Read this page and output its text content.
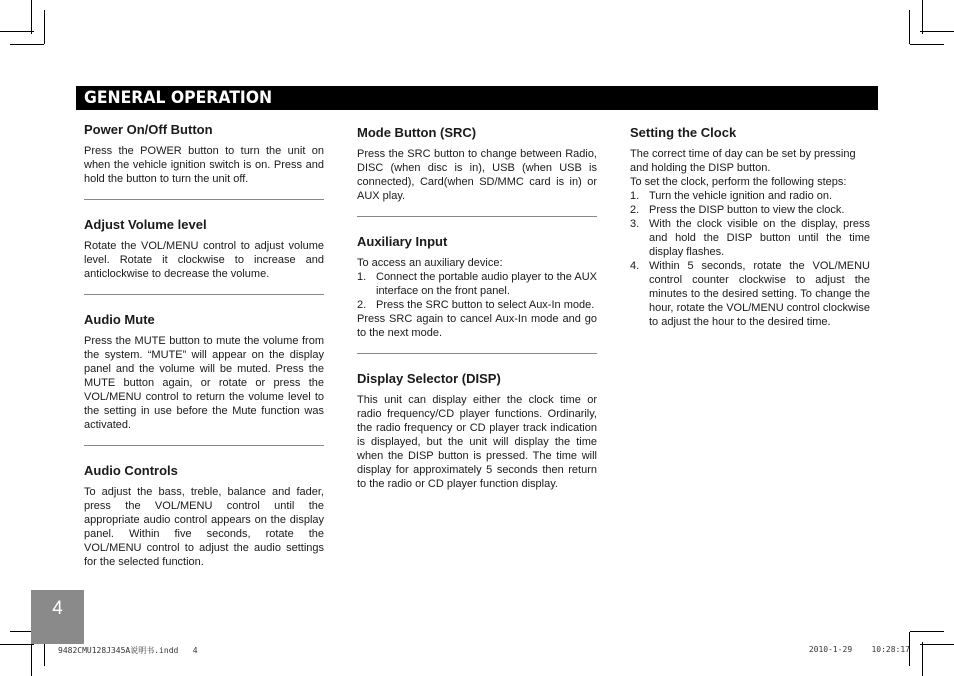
GENERAL OPERATION
Power On/Off Button

Press the POWER button to turn the unit on when the vehicle ignition switch is on. Press and hold the button to turn the unit off.

Adjust Volume level

Rotate the VOL/MENU control to adjust volume level. Rotate it clockwise to increase and anticlockwise to decrease the volume.

Audio Mute

Press the MUTE button to mute the volume from the system. “MUTE” will appear on the display panel and the volume will be muted. Press the MUTE button again, or rotate or press the VOL/MENU control to return the volume level to the setting in use before the Mute function was activated.

Audio Controls

To adjust the bass, treble, balance and fader, press the VOL/MENU control until the appropriate audio control appears on the display panel. Within five seconds, rotate the VOL/MENU control to adjust the audio settings for the selected function.

Mode Button (SRC)

Press the SRC button to change between Radio, DISC (when disc is in), USB (when USB is connected), Card(when SD/MMC card is in) or AUX play.

Auxiliary Input

To access an auxiliary device:

1. Connect the portable audio player to the AUX interface on the front panel.
2. Press the SRC button to select Aux-In mode.

Press SRC again to cancel Aux-In mode and go to the next mode.

Display Selector (DISP)

This unit can display either the clock time or radio frequency/CD player functions. Ordinarily, the radio frequency or CD player track indication is displayed, but the unit will display the time when the DISP button is pressed. The time will display for approximately 5 seconds then return to the radio or CD player function display.

Setting the Clock

The correct time of day can be set by pressing and holding the DISP button.

To set the clock, perform the following steps:

1. Turn the vehicle ignition and radio on.
2. Press the DISP button to view the clock.
3. With the clock visible on the display, press and hold the DISP button until the time display flashes.
4. Within 5 seconds, rotate the VOL/MENU control counter clockwise to adjust the minutes to the desired setting. To change the hour, rotate the VOL/MENU control clockwise to adjust the hour to the desired time.
4
9482CMU128J345A说明书.indd   4	2010-1-29    10:28:17
